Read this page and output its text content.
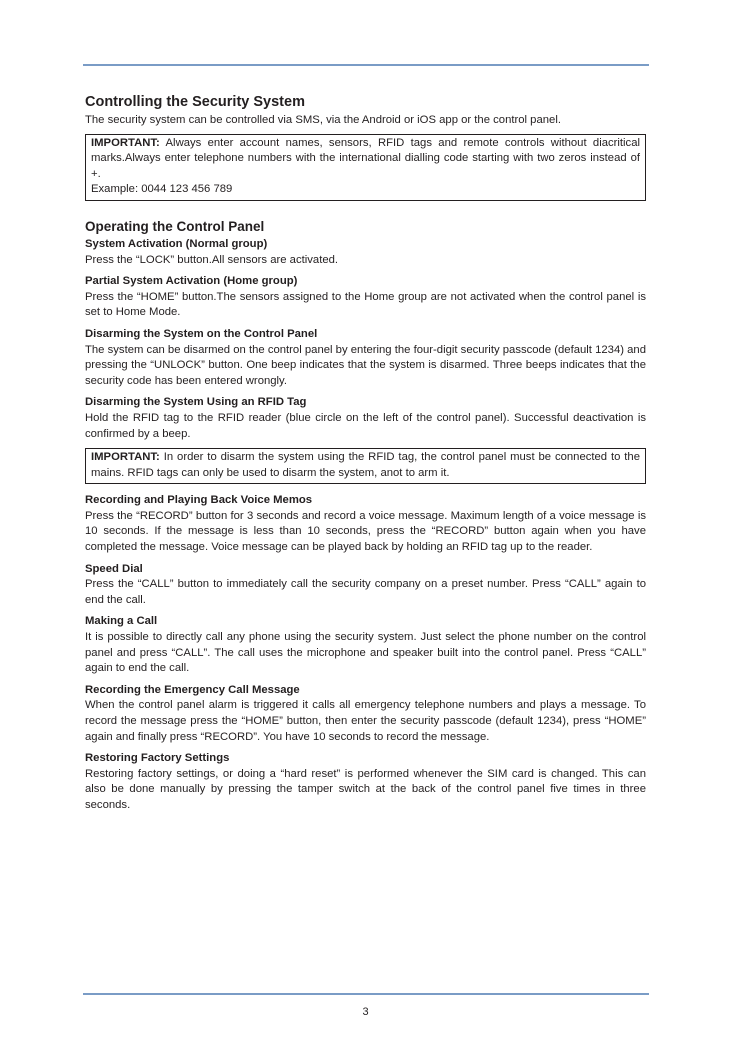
Controlling the Security System

The security system can be controlled via SMS, via the Android or iOS app or the control panel.

IMPORTANT: Always enter account names, sensors, RFID tags and remote controls without diacritical marks.Always enter telephone numbers with the international dialling code starting with two zeros instead of +.

Example: 0044 123 456 789

Operating the Control Panel
System Activation (Normal group)

Press the “LOCK” button.All sensors are activated.

Partial System Activation (Home group)

Press the “HOME” button.The sensors assigned to the Home group are not activated when the control panel is set to Home Mode.

Disarming the System on the Control Panel

The system can be disarmed on the control panel by entering the four-digit security passcode (default 1234) and pressing the “UNLOCK” button. One beep indicates that the system is disarmed. Three beeps indicates that the security code has been entered wrongly.

Disarming the System Using an RFID Tag

Hold the RFID tag to the RFID reader (blue circle on the left of the control panel). Successful deactivation is confirmed by a beep.

IMPORTANT: In order to disarm the system using the RFID tag, the control panel must be connected to the mains. RFID tags can only be used to disarm the system, anot to arm it.

Recording and Playing Back Voice Memos

Press the “RECORD” button for 3 seconds and record a voice message. Maximum length of a voice message is 10 seconds. If the message is less than 10 seconds, press the “RECORD” button again when you have completed the message. Voice message can be played back by holding an RFID tag up to the reader.

Speed Dial

Press the “CALL” button to immediately call the security company on a preset number. Press “CALL” again to end the call.

Making a Call

It is possible to directly call any phone using the security system. Just select the phone number on the control panel and press “CALL”. The call uses the microphone and speaker built into the control panel. Press “CALL” again to end the call.

Recording the Emergency Call Message

When the control panel alarm is triggered it calls all emergency telephone numbers and plays a message. To record the message press the “HOME” button, then enter the security passcode (default 1234), press “HOME” again and finally press “RECORD”. You have 10 seconds to record the message.

Restoring Factory Settings

Restoring factory settings, or doing a “hard reset” is performed whenever the SIM card is changed. This can also be done manually by pressing the tamper switch at the back of the control panel five times in three seconds.

3
